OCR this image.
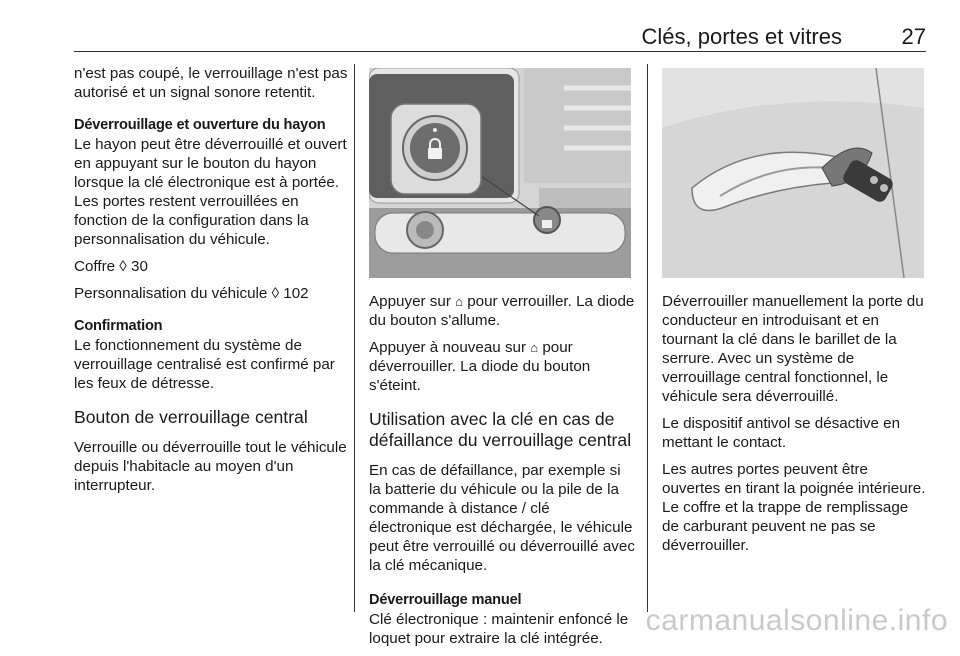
Clés, portes et vitres	27

n'est pas coupé, le verrouillage n'est pas autorisé et un signal sonore retentit.

Déverrouillage et ouverture du hayon

Le hayon peut être déverrouillé et ouvert en appuyant sur le bouton du hayon lorsque la clé électronique est à portée. Les portes restent verrouillées en fonction de la configuration dans la personnalisation du véhicule.

Coffre ◊ 30

Personnalisation du véhicule ◊ 102

Confirmation

Le fonctionnement du système de verrouillage centralisé est confirmé par les feux de détresse.

Bouton de verrouillage central

Verrouille ou déverrouille tout le véhicule depuis l'habitacle au moyen d'un interrupteur.

Appuyer sur ⌂ pour verrouiller. La diode du bouton s'allume.

Appuyer à nouveau sur ⌂ pour déverrouiller. La diode du bouton s'éteint.

Utilisation avec la clé en cas de défaillance du verrouillage central

En cas de défaillance, par exemple si la batterie du véhicule ou la pile de la commande à distance / clé électronique est déchargée, le véhicule peut être verrouillé ou déverrouillé avec la clé mécanique.

Déverrouillage manuel

Clé électronique : maintenir enfoncé le loquet pour extraire la clé intégrée.

Déverrouiller manuellement la porte du conducteur en introduisant et en tournant la clé dans le barillet de la serrure. Avec un système de verrouillage central fonctionnel, le véhicule sera déverrouillé.

Le dispositif antivol se désactive en mettant le contact.

Les autres portes peuvent être ouvertes en tirant la poignée intérieure. Le coffre et la trappe de remplissage de carburant peuvent ne pas se déverrouiller.

carmanualsonline.info
